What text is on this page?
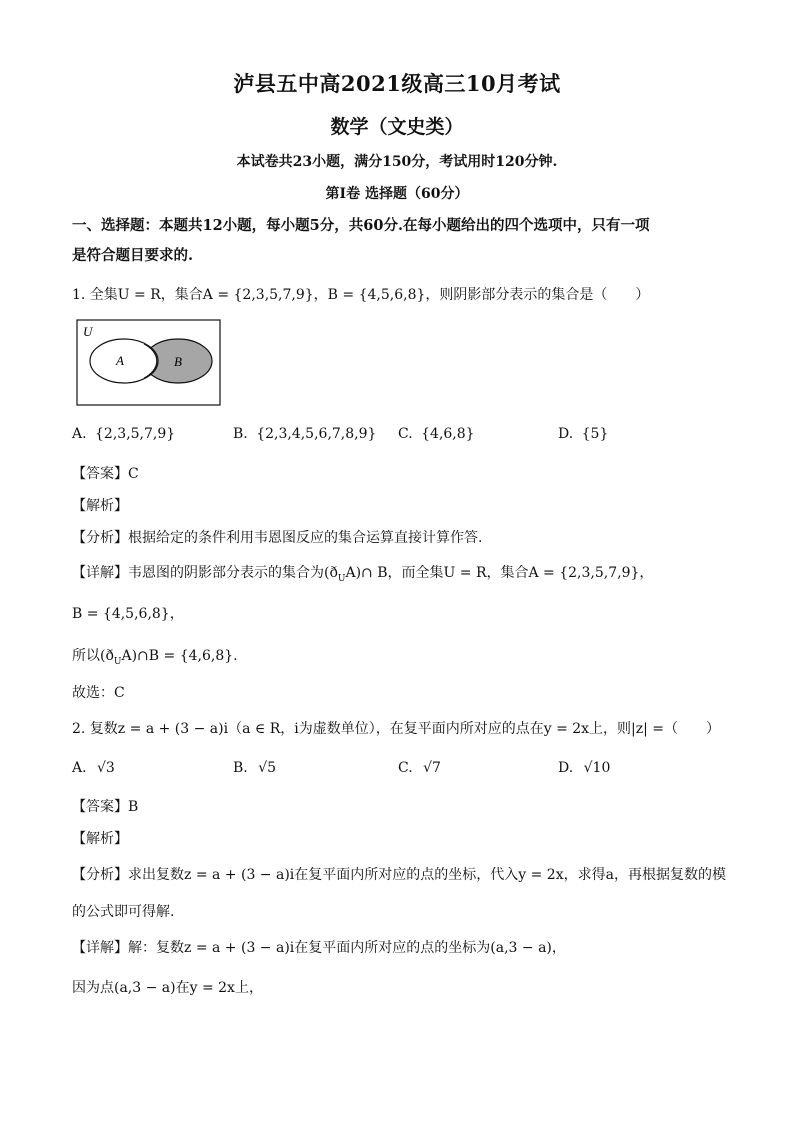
泸县五中高2021级高三10月考试
数学（文史类）
本试卷共23小题，满分150分，考试用时120分钟.
第I卷 选择题（60分）
一、选择题：本题共12小题，每小题5分，共60分.在每小题给出的四个选项中，只有一项
是符合题目要求的.
1. 全集U = R，集合A = {2,3,5,7,9}，B = {4,5,6,8}，则阴影部分表示的集合是（　　）
U
A	B
A. {2,3,5,7,9}	B. {2,3,4,5,6,7,8,9} C. {4,6,8}	D. {5}
【答案】C
【解析】
【分析】根据给定的条件利用韦恩图反应的集合运算直接计算作答.
【详解】韦恩图的阴影部分表示的集合为$(ð_UA)\cap$ B，而全集U = R，集合A = {2,3,5,7,9}，
B = {4,5,6,8}，
所以$(ð_UA)\cap B = \{4,6,8\}$.
故选：C
2. 复数z = a + (3 − a)i（a ∈ R，i为虚数单位），在复平面内所对应的点在y = 2x上，则|z| =（　　）
A. √3	B. √5	C. √7	D. √10
【答案】B
【解析】
【分析】求出复数z = a + (3 − a)i在复平面内所对应的点的坐标，代入y = 2x，求得a，再根据复数的模
的公式即可得解.
【详解】解：复数z = a + (3 − a)i在复平面内所对应的点的坐标为(a,3 − a)，
因为点(a,3 − a)在y = 2x上，
